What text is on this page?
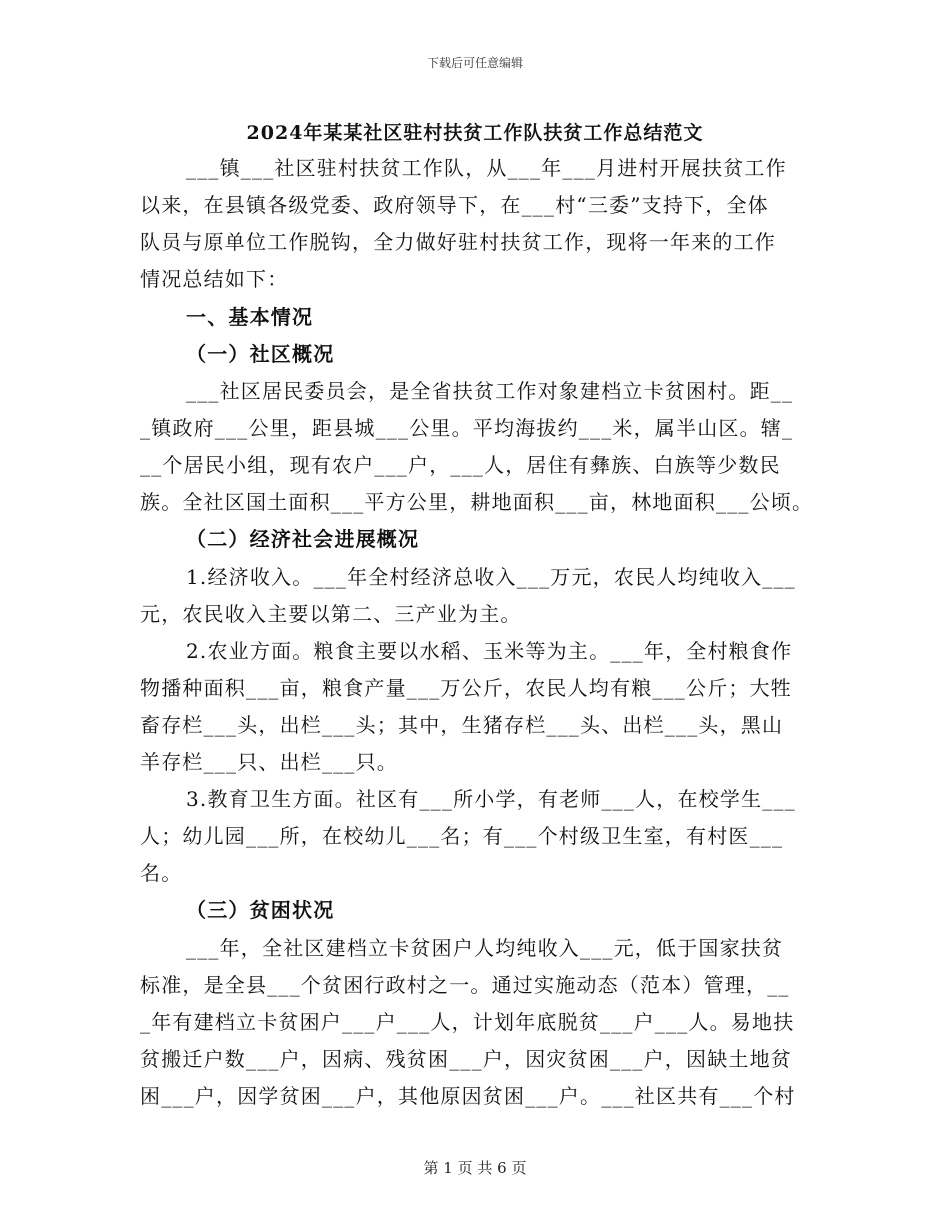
下载后可任意编辑
2024年某某社区驻村扶贫工作队扶贫工作总结范文
___镇___社区驻村扶贫工作队，从___年___月进村开展扶贫工作
以来，在县镇各级党委、政府领导下，在___村“三委”支持下，全体
队员与原单位工作脱钩，全力做好驻村扶贫工作，现将一年来的工作
情况总结如下：
一、基本情况
（一）社区概况
___社区居民委员会，是全省扶贫工作对象建档立卡贫困村。距__
_镇政府___公里，距县城___公里。平均海拔约___米，属半山区。辖_
__个居民小组，现有农户___户，___人，居住有彝族、白族等少数民
族。全社区国土面积___平方公里，耕地面积___亩，林地面积___公顷。
（二）经济社会进展概况
1.经济收入。___年全村经济总收入___万元，农民人均纯收入___
元，农民收入主要以第二、三产业为主。
2.农业方面。粮食主要以水稻、玉米等为主。___年，全村粮食作
物播种面积___亩，粮食产量___万公斤，农民人均有粮___公斤；大牲
畜存栏___头，出栏___头；其中，生猪存栏___头、出栏___头，黑山
羊存栏___只、出栏___只。
3.教育卫生方面。社区有___所小学，有老师___人，在校学生___
人；幼儿园___所，在校幼儿___名；有___个村级卫生室，有村医___
名。
（三）贫困状况
___年，全社区建档立卡贫困户人均纯收入___元，低于国家扶贫
标准，是全县___个贫困行政村之一。通过实施动态（范本）管理，__
_年有建档立卡贫困户___户___人，计划年底脱贫___户___人。易地扶
贫搬迁户数___户，因病、残贫困___户，因灾贫困___户，因缺土地贫
困___户，因学贫困___户，其他原因贫困___户。___社区共有___个村
第 1 页 共 6 页
